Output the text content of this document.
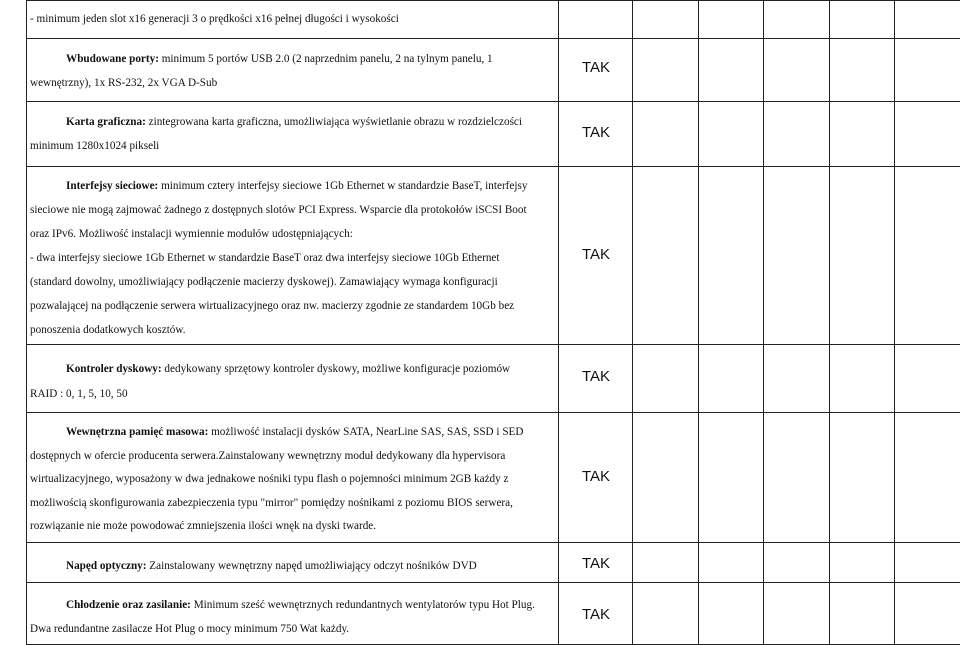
- minimum jeden slot x16 generacji 3 o prędkości x16 pełnej długości i wysokości
Wbudowane porty: minimum 5 portów USB 2.0 (2 naprzednim panelu, 2 na tylnym panelu, 1 wewnętrzny), 1x RS-232, 2x VGA D-Sub
TAK
Karta graficzna: zintegrowana karta graficzna, umożliwiająca wyświetlanie obrazu w rozdzielczości minimum 1280x1024 pikseli
TAK
Interfejsy sieciowe: minimum cztery interfejsy sieciowe 1Gb Ethernet w standardzie BaseT, interfejsy sieciowe nie mogą zajmować żadnego z dostępnych slotów PCI Express. Wsparcie dla protokołów iSCSI Boot oraz IPv6. Możliwość instalacji wymiennie modułów udostępniających:
- dwa interfejsy sieciowe 1Gb Ethernet w standardzie BaseT oraz dwa interfejsy sieciowe 10Gb Ethernet (standard dowolny, umożliwiający podłączenie macierzy dyskowej). Zamawiający wymaga konfiguracji pozwalającej na podłączenie serwera wirtualizacyjnego oraz nw. macierzy zgodnie ze standardem 10Gb bez ponoszenia dodatkowych kosztów.
TAK
Kontroler dyskowy: dedykowany sprzętowy kontroler dyskowy, możliwe konfiguracje poziomów RAID : 0, 1, 5, 10, 50
TAK
Wewnętrzna pamięć masowa: możliwość instalacji dysków SATA, NearLine SAS, SAS, SSD i SED dostępnych w ofercie producenta serwera.Zainstalowany wewnętrzny moduł dedykowany dla hypervisora wirtualizacyjnego, wyposażony w dwa jednakowe nośniki typu flash o pojemności minimum 2GB każdy z możliwością skonfigurowania zabezpieczenia typu "mirror" pomiędzy nośnikami z poziomu BIOS serwera, rozwiązanie nie może powodować zmniejszenia ilości wnęk na dyski twarde.
TAK
Napęd optyczny: Zainstalowany wewnętrzny napęd umożliwiający odczyt nośników DVD	TAK
Chłodzenie oraz zasilanie: Minimum sześć wewnętrznych redundantnych wentylatorów typu Hot Plug. Dwa redundantne zasilacze Hot Plug o mocy minimum 750 Wat każdy.
TAK
